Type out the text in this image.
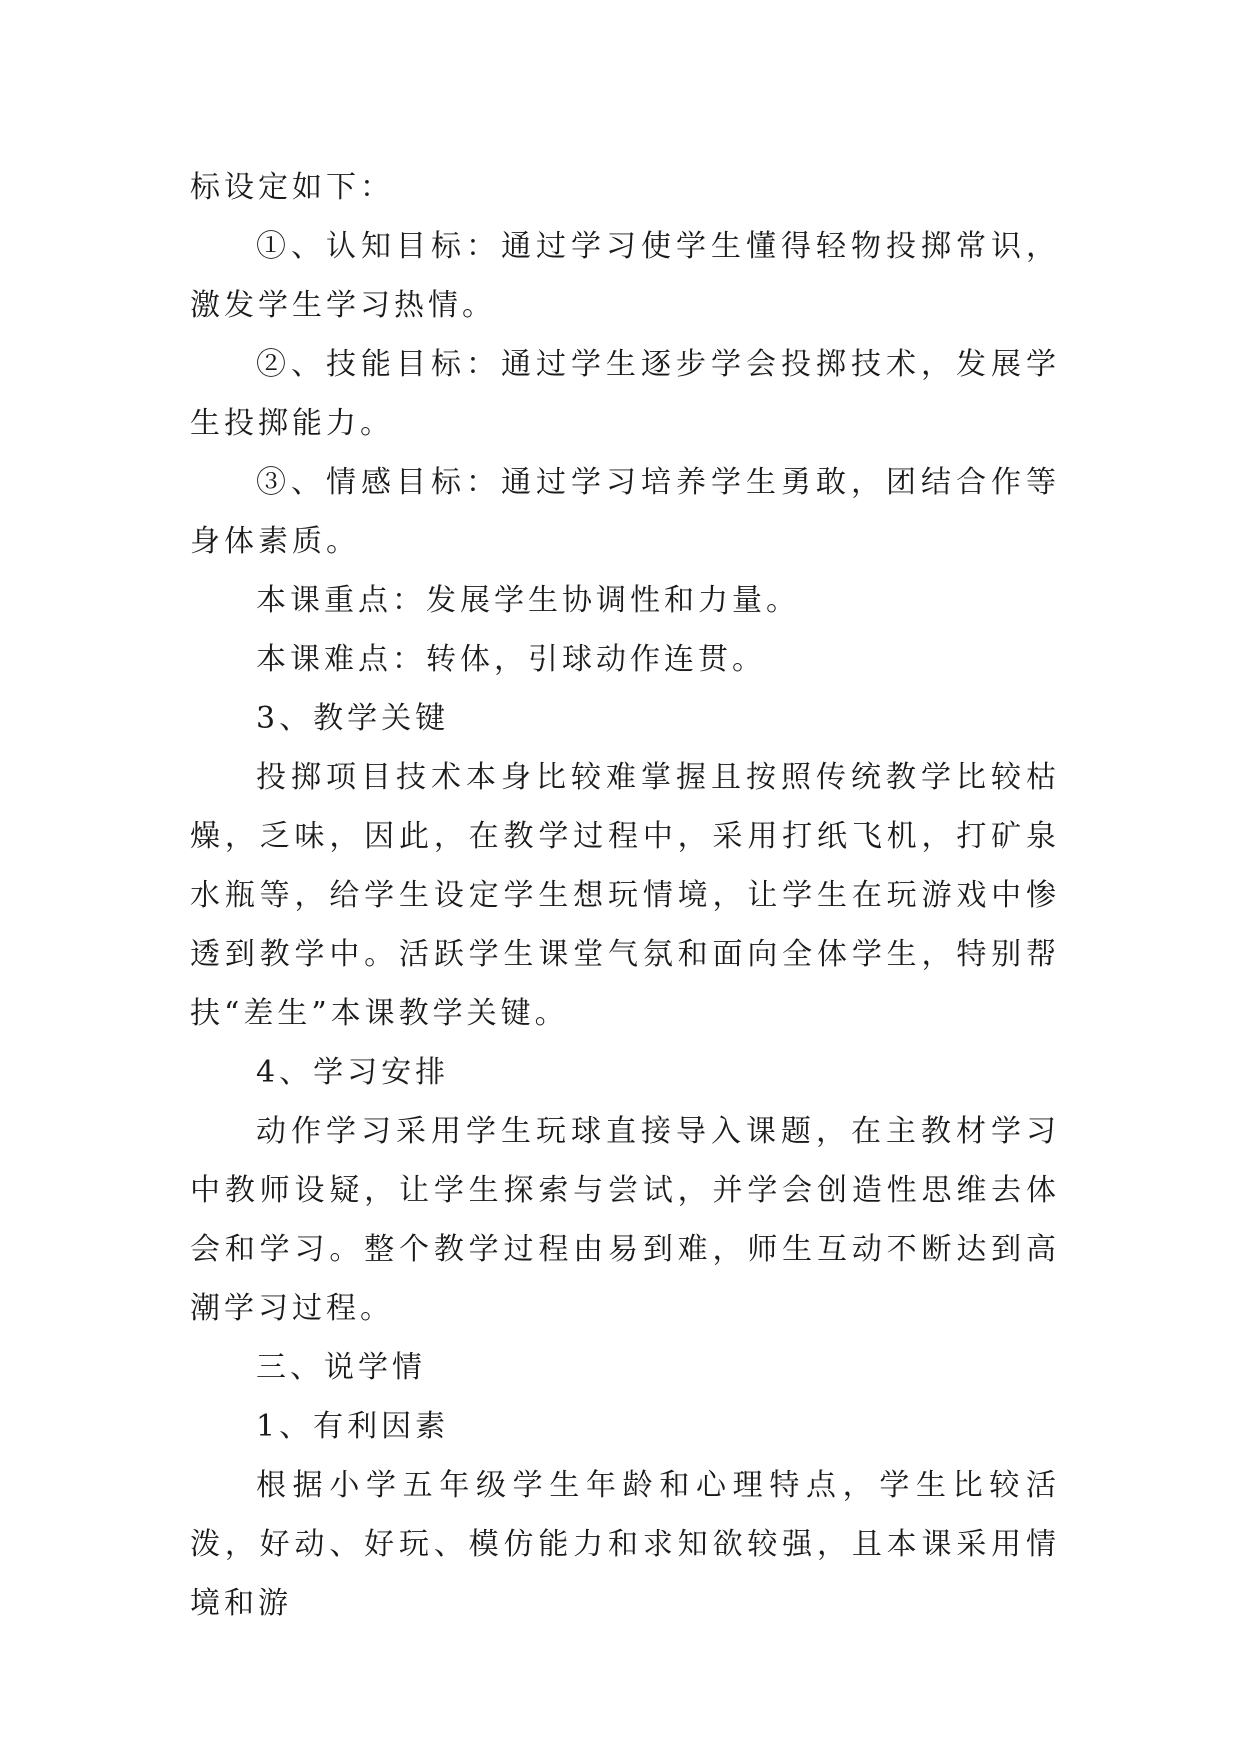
标设定如下：

①、认知目标：通过学习使学生懂得轻物投掷常识，激发学生学习热情。

②、技能目标：通过学生逐步学会投掷技术，发展学生投掷能力。

③、情感目标：通过学习培养学生勇敢，团结合作等身体素质。

本课重点：发展学生协调性和力量。

本课难点：转体，引球动作连贯。

3、教学关键

投掷项目技术本身比较难掌握且按照传统教学比较枯燥，乏味，因此，在教学过程中，采用打纸飞机，打矿泉水瓶等，给学生设定学生想玩情境，让学生在玩游戏中惨透到教学中。活跃学生课堂气氛和面向全体学生，特别帮扶“差生”本课教学关键。

4、学习安排

动作学习采用学生玩球直接导入课题，在主教材学习中教师设疑，让学生探索与尝试，并学会创造性思维去体会和学习。整个教学过程由易到难，师生互动不断达到高潮学习过程。

三、说学情

1、有利因素

根据小学五年级学生年龄和心理特点，学生比较活泼，好动、好玩、模仿能力和求知欲较强，且本课采用情境和游
